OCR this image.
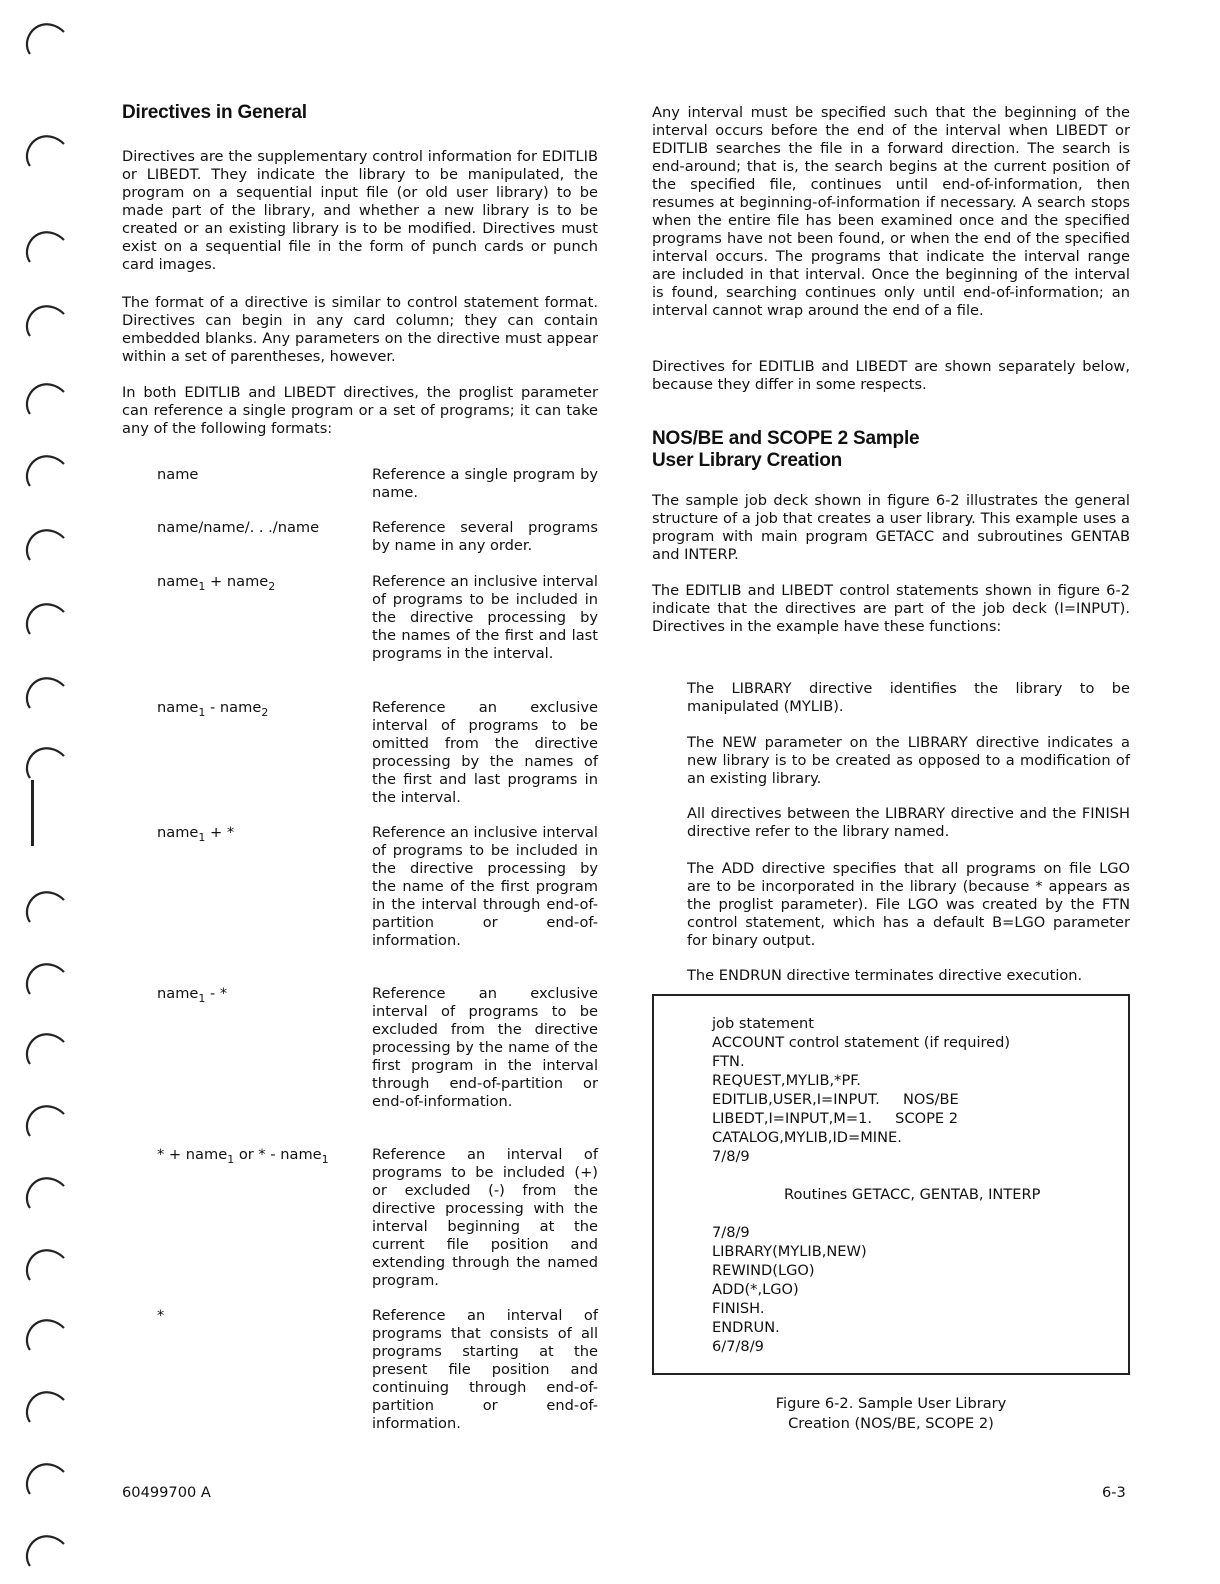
Directives in General

Directives are the supplementary control information for EDITLIB or LIBEDT. They indicate the library to be manipulated, the program on a sequential input file (or old user library) to be made part of the library, and whether a new library is to be created or an existing library is to be modified. Directives must exist on a sequential file in the form of punch cards or punch card images.

The format of a directive is similar to control statement format. Directives can begin in any card column; they can contain embedded blanks. Any parameters on the directive must appear within a set of parentheses, however.

In both EDITLIB and LIBEDT directives, the proglist parameter can reference a single program or a set of programs; it can take any of the following formats:

name	Reference a single program by name.
name/name/. . ./name	Reference several programs by name in any order.
name$_1$ + name$_2$	Reference an inclusive interval of programs to be included in the directive processing by the names of the first and last programs in the interval.
name$_1$ - name$_2$	Reference an exclusive interval of programs to be omitted from the directive processing by the names of the first and last programs in the interval.
name$_1$ + *	Reference an inclusive interval of programs to be included in the directive processing by the name of the first program in the interval through end-of-partition or end-of-information.
name$_1$ - *	Reference an exclusive interval of programs to be excluded from the directive processing by the name of the first program in the interval through end-of-partition or end-of-information.
* + name$_1$ or * - name$_1$	Reference an interval of programs to be included (+) or excluded (-) from the directive processing with the interval beginning at the current file position and extending through the named program.
*	Reference an interval of programs that consists of all programs starting at the present file position and continuing through end-of-partition or end-of-information.

Any interval must be specified such that the beginning of the interval occurs before the end of the interval when LIBEDT or EDITLIB searches the file in a forward direction. The search is end-around; that is, the search begins at the current position of the specified file, continues until end-of-information, then resumes at beginning-of-information if necessary. A search stops when the entire file has been examined once and the specified programs have not been found, or when the end of the specified interval occurs. The programs that indicate the interval range are included in that interval. Once the beginning of the interval is found, searching continues only until end-of-information; an interval cannot wrap around the end of a file.

Directives for EDITLIB and LIBEDT are shown separately below, because they differ in some respects.

NOS/BE and SCOPE 2 Sample
User Library Creation

The sample job deck shown in figure 6-2 illustrates the general structure of a job that creates a user library. This example uses a program with main program GETACC and subroutines GENTAB and INTERP.

The EDITLIB and LIBEDT control statements shown in figure 6-2 indicate that the directives are part of the job deck (I=INPUT). Directives in the example have these functions:

The LIBRARY directive identifies the library to be manipulated (MYLIB).

The NEW parameter on the LIBRARY directive indicates a new library is to be created as opposed to a modification of an existing library.

All directives between the LIBRARY directive and the FINISH directive refer to the library named.

The ADD directive specifies that all programs on file LGO are to be incorporated in the library (because * appears as the proglist parameter). File LGO was created by the FTN control statement, which has a default B=LGO parameter for binary output.

The ENDRUN directive terminates directive execution.

job statement
ACCOUNT control statement (if required)
FTN.
REQUEST,MYLIB,*PF.
EDITLIB,USER,I=INPUT.     NOS/BE
LIBEDT,I=INPUT,M=1.     SCOPE 2
CATALOG,MYLIB,ID=MINE.
7/8/9
Routines GETACC, GENTAB, INTERP
7/8/9
LIBRARY(MYLIB,NEW)
REWIND(LGO)
ADD(*,LGO)
FINISH.
ENDRUN.
6/7/8/9
Figure 6-2. Sample User Library
Creation (NOS/BE, SCOPE 2)
60499700 A	6-3
